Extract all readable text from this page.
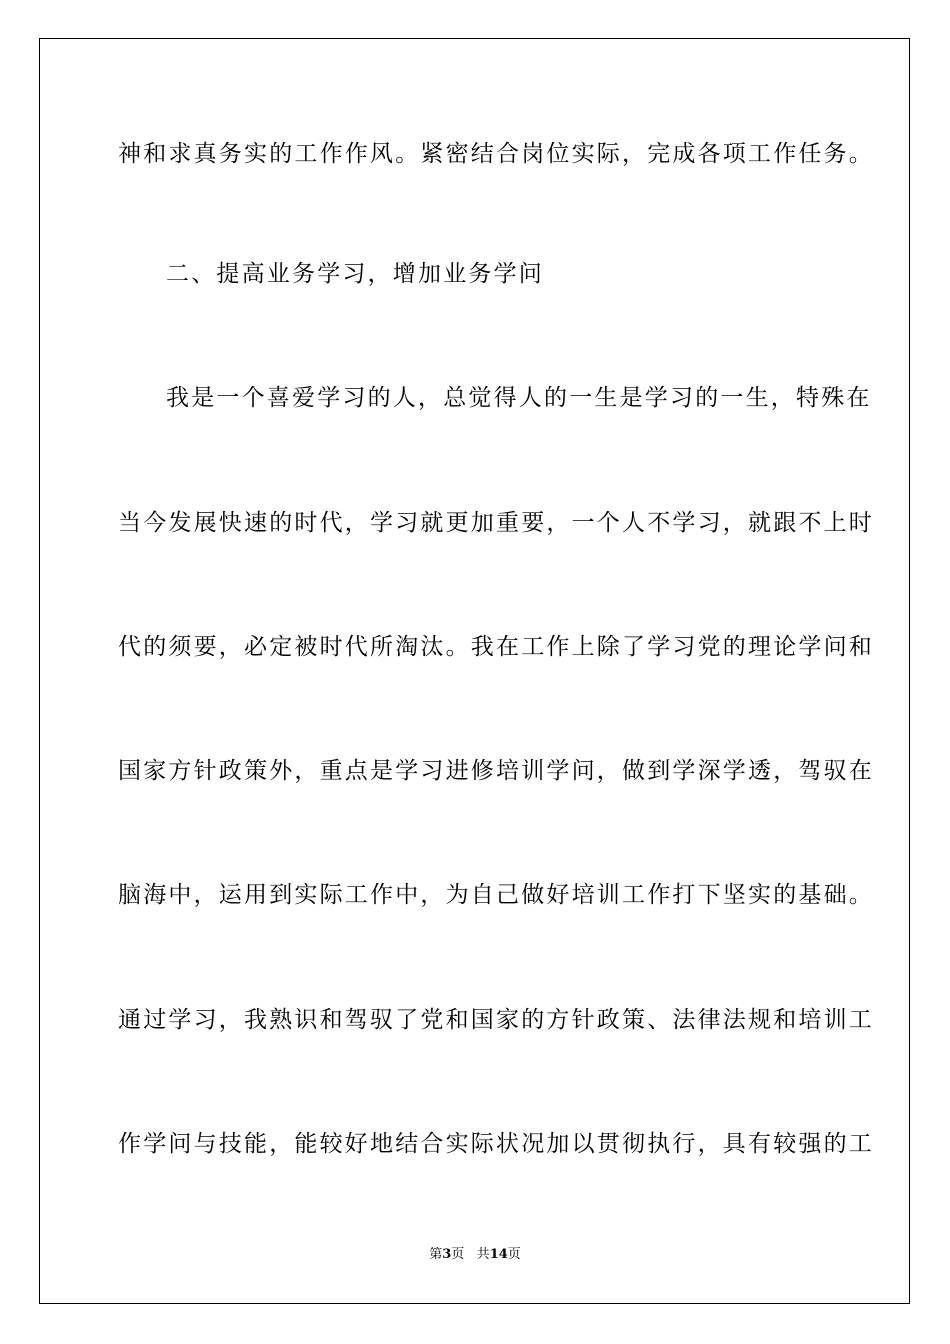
神和求真务实的工作作风。紧密结合岗位实际，完成各项工作任务。
二、提高业务学习，增加业务学问
我是一个喜爱学习的人，总觉得人的一生是学习的一生，特殊在
当今发展快速的时代，学习就更加重要，一个人不学习，就跟不上时
代的须要，必定被时代所淘汰。我在工作上除了学习党的理论学问和
国家方针政策外，重点是学习进修培训学问，做到学深学透，驾驭在
脑海中，运用到实际工作中，为自己做好培训工作打下坚实的基础。
通过学习，我熟识和驾驭了党和国家的方针政策、法律法规和培训工
作学问与技能，能较好地结合实际状况加以贯彻执行，具有较强的工
第3页 共14页
